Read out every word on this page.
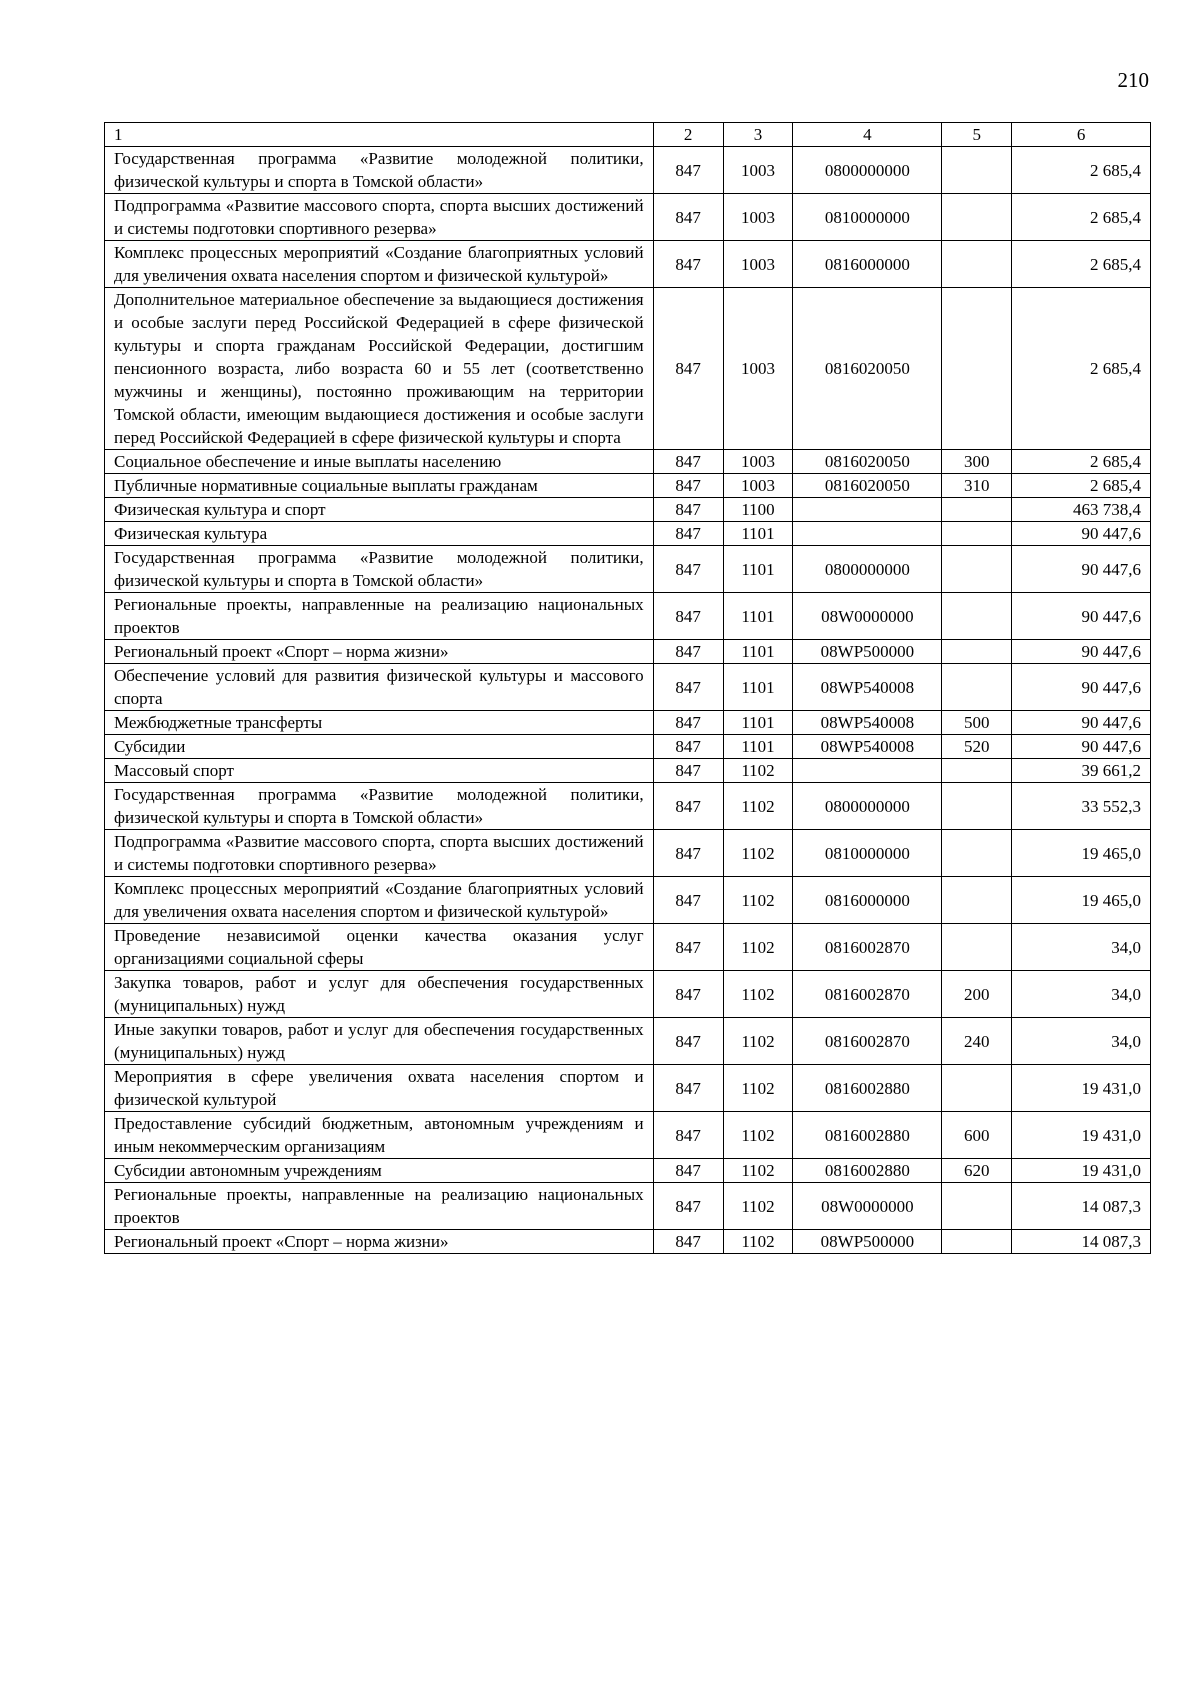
210
1	2	3	4	5	6
Государственная программа «Развитие молодежной политики, физической культуры и спорта в Томской области»	847	1003	0800000000		2 685,4
Подпрограмма «Развитие массового спорта, спорта высших достижений и системы подготовки спортивного резерва»	847	1003	0810000000		2 685,4
Комплекс процессных мероприятий «Создание благоприятных условий для увеличения охвата населения спортом и физической культурой»	847	1003	0816000000		2 685,4
Дополнительное материальное обеспечение за выдающиеся достижения и особые заслуги перед Российской Федерацией в сфере физической культуры и спорта гражданам Российской Федерации, достигшим пенсионного возраста, либо возраста 60 и 55 лет (соответственно мужчины и женщины), постоянно проживающим на территории Томской области, имеющим выдающиеся достижения и особые заслуги перед Российской Федерацией в сфере физической культуры и спорта	847	1003	0816020050		2 685,4
Социальное обеспечение и иные выплаты населению	847	1003	0816020050	300	2 685,4
Публичные нормативные социальные выплаты гражданам	847	1003	0816020050	310	2 685,4
Физическая культура и спорт	847	1100			463 738,4
Физическая культура	847	1101			90 447,6
Государственная программа «Развитие молодежной политики, физической культуры и спорта в Томской области»	847	1101	0800000000		90 447,6
Региональные проекты, направленные на реализацию национальных проектов	847	1101	08W0000000		90 447,6
Региональный проект «Спорт – норма жизни»	847	1101	08WP500000		90 447,6
Обеспечение условий для развития физической культуры и массового спорта	847	1101	08WP540008		90 447,6
Межбюджетные трансферты	847	1101	08WP540008	500	90 447,6
Субсидии	847	1101	08WP540008	520	90 447,6
Массовый спорт	847	1102			39 661,2
Государственная программа «Развитие молодежной политики, физической культуры и спорта в Томской области»	847	1102	0800000000		33 552,3
Подпрограмма «Развитие массового спорта, спорта высших достижений и системы подготовки спортивного резерва»	847	1102	0810000000		19 465,0
Комплекс процессных мероприятий «Создание благоприятных условий для увеличения охвата населения спортом и физической культурой»	847	1102	0816000000		19 465,0
Проведение независимой оценки качества оказания услуг организациями социальной сферы	847	1102	0816002870		34,0
Закупка товаров, работ и услуг для обеспечения государственных (муниципальных) нужд	847	1102	0816002870	200	34,0
Иные закупки товаров, работ и услуг для обеспечения государственных (муниципальных) нужд	847	1102	0816002870	240	34,0
Мероприятия в сфере увеличения охвата населения спортом и физической культурой	847	1102	0816002880		19 431,0
Предоставление субсидий бюджетным, автономным учреждениям и иным некоммерческим организациям	847	1102	0816002880	600	19 431,0
Субсидии автономным учреждениям	847	1102	0816002880	620	19 431,0
Региональные проекты, направленные на реализацию национальных проектов	847	1102	08W0000000		14 087,3
Региональный проект «Спорт – норма жизни»	847	1102	08WP500000		14 087,3
